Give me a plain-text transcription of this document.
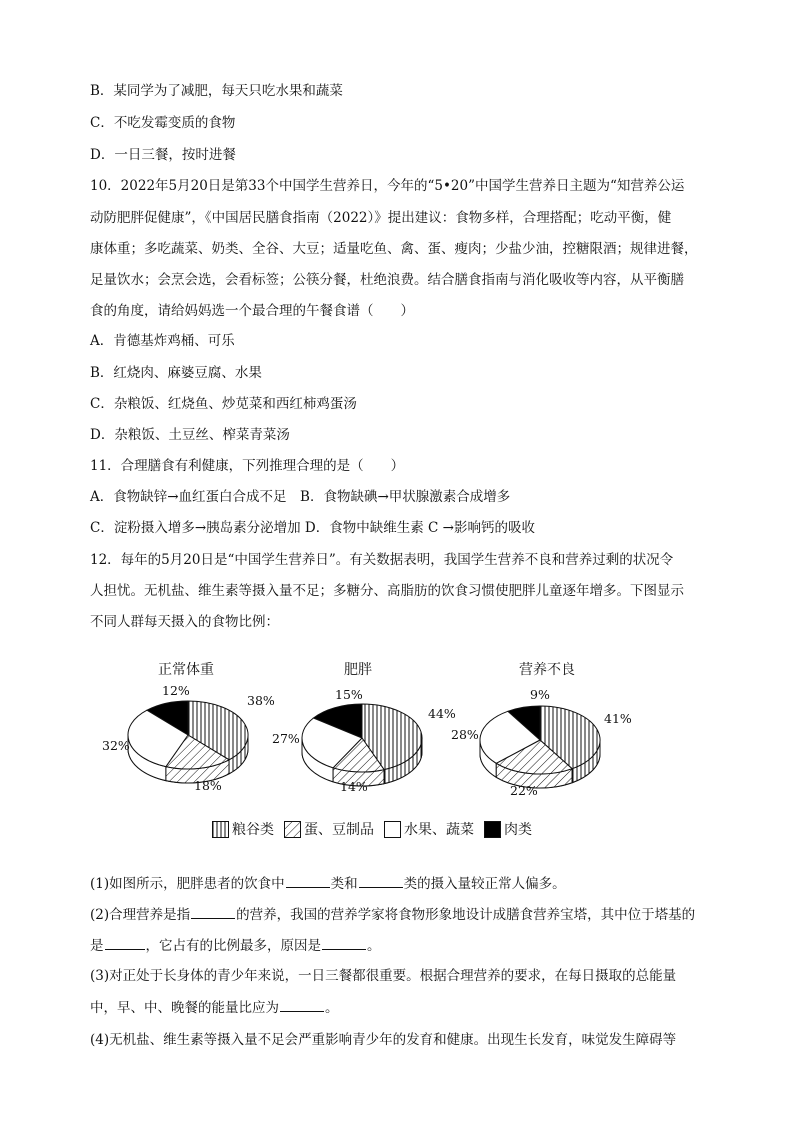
B．某同学为了减肥，每天只吃水果和蔬菜
C．不吃发霉变质的食物
D．一日三餐，按时进餐
10．2022年5月20日是第33个中国学生营养日，今年的“5•20”中国学生营养日主题为“知营养公运
动防肥胖促健康”，《中国居民膳食指南（2022）》提出建议：食物多样，合理搭配；吃动平衡，健
康体重；多吃蔬菜、奶类、全谷、大豆；适量吃鱼、禽、蛋、瘦肉；少盐少油，控糖限酒；规律进餐，
足量饮水；会烹会选，会看标签；公筷分餐，杜绝浪费。结合膳食指南与消化吸收等内容，从平衡膳
食的角度，请给妈妈选一个最合理的午餐食谱（　　）
A．肯德基炸鸡桶、可乐
B．红烧肉、麻婆豆腐、水果
C．杂粮饭、红烧鱼、炒苋菜和西红柿鸡蛋汤
D．杂粮饭、土豆丝、榨菜青菜汤
11．合理膳食有利健康，下列推理合理的是（　　）
A．食物缺锌→血红蛋白合成不足　B．食物缺碘→甲状腺激素合成增多
C．淀粉摄入增多→胰岛素分泌增加 D．食物中缺维生素 C →影响钙的吸收
12．每年的5月20日是“中国学生营养日”。有关数据表明，我国学生营养不良和营养过剩的状况令
人担忧。无机盐、维生素等摄入量不足；多糖分、高脂肪的饮食习惯使肥胖儿童逐年增多。下图显示
不同人群每天摄入的食物比例：
正常体重	肥胖	营养不良
12%
38%
32%
18%
15%
44%
27%
14%
9%
41%
28%
22%
粮谷类 蛋、豆制品 水果、蔬菜 肉类
(1)如图所示，肥胖患者的饮食中	类和	类的摄入量较正常人偏多。
(2)合理营养是指	的营养，我国的营养学家将食物形象地设计成膳食营养宝塔，其中位于塔基的
是	，它占有的比例最多，原因是	。
(3)对正处于长身体的青少年来说，一日三餐都很重要。根据合理营养的要求，在每日摄取的总能量
中，早、中、晚餐的能量比应为	。
(4)无机盐、维生素等摄入量不足会严重影响青少年的发育和健康。出现生长发育，味觉发生障碍等
